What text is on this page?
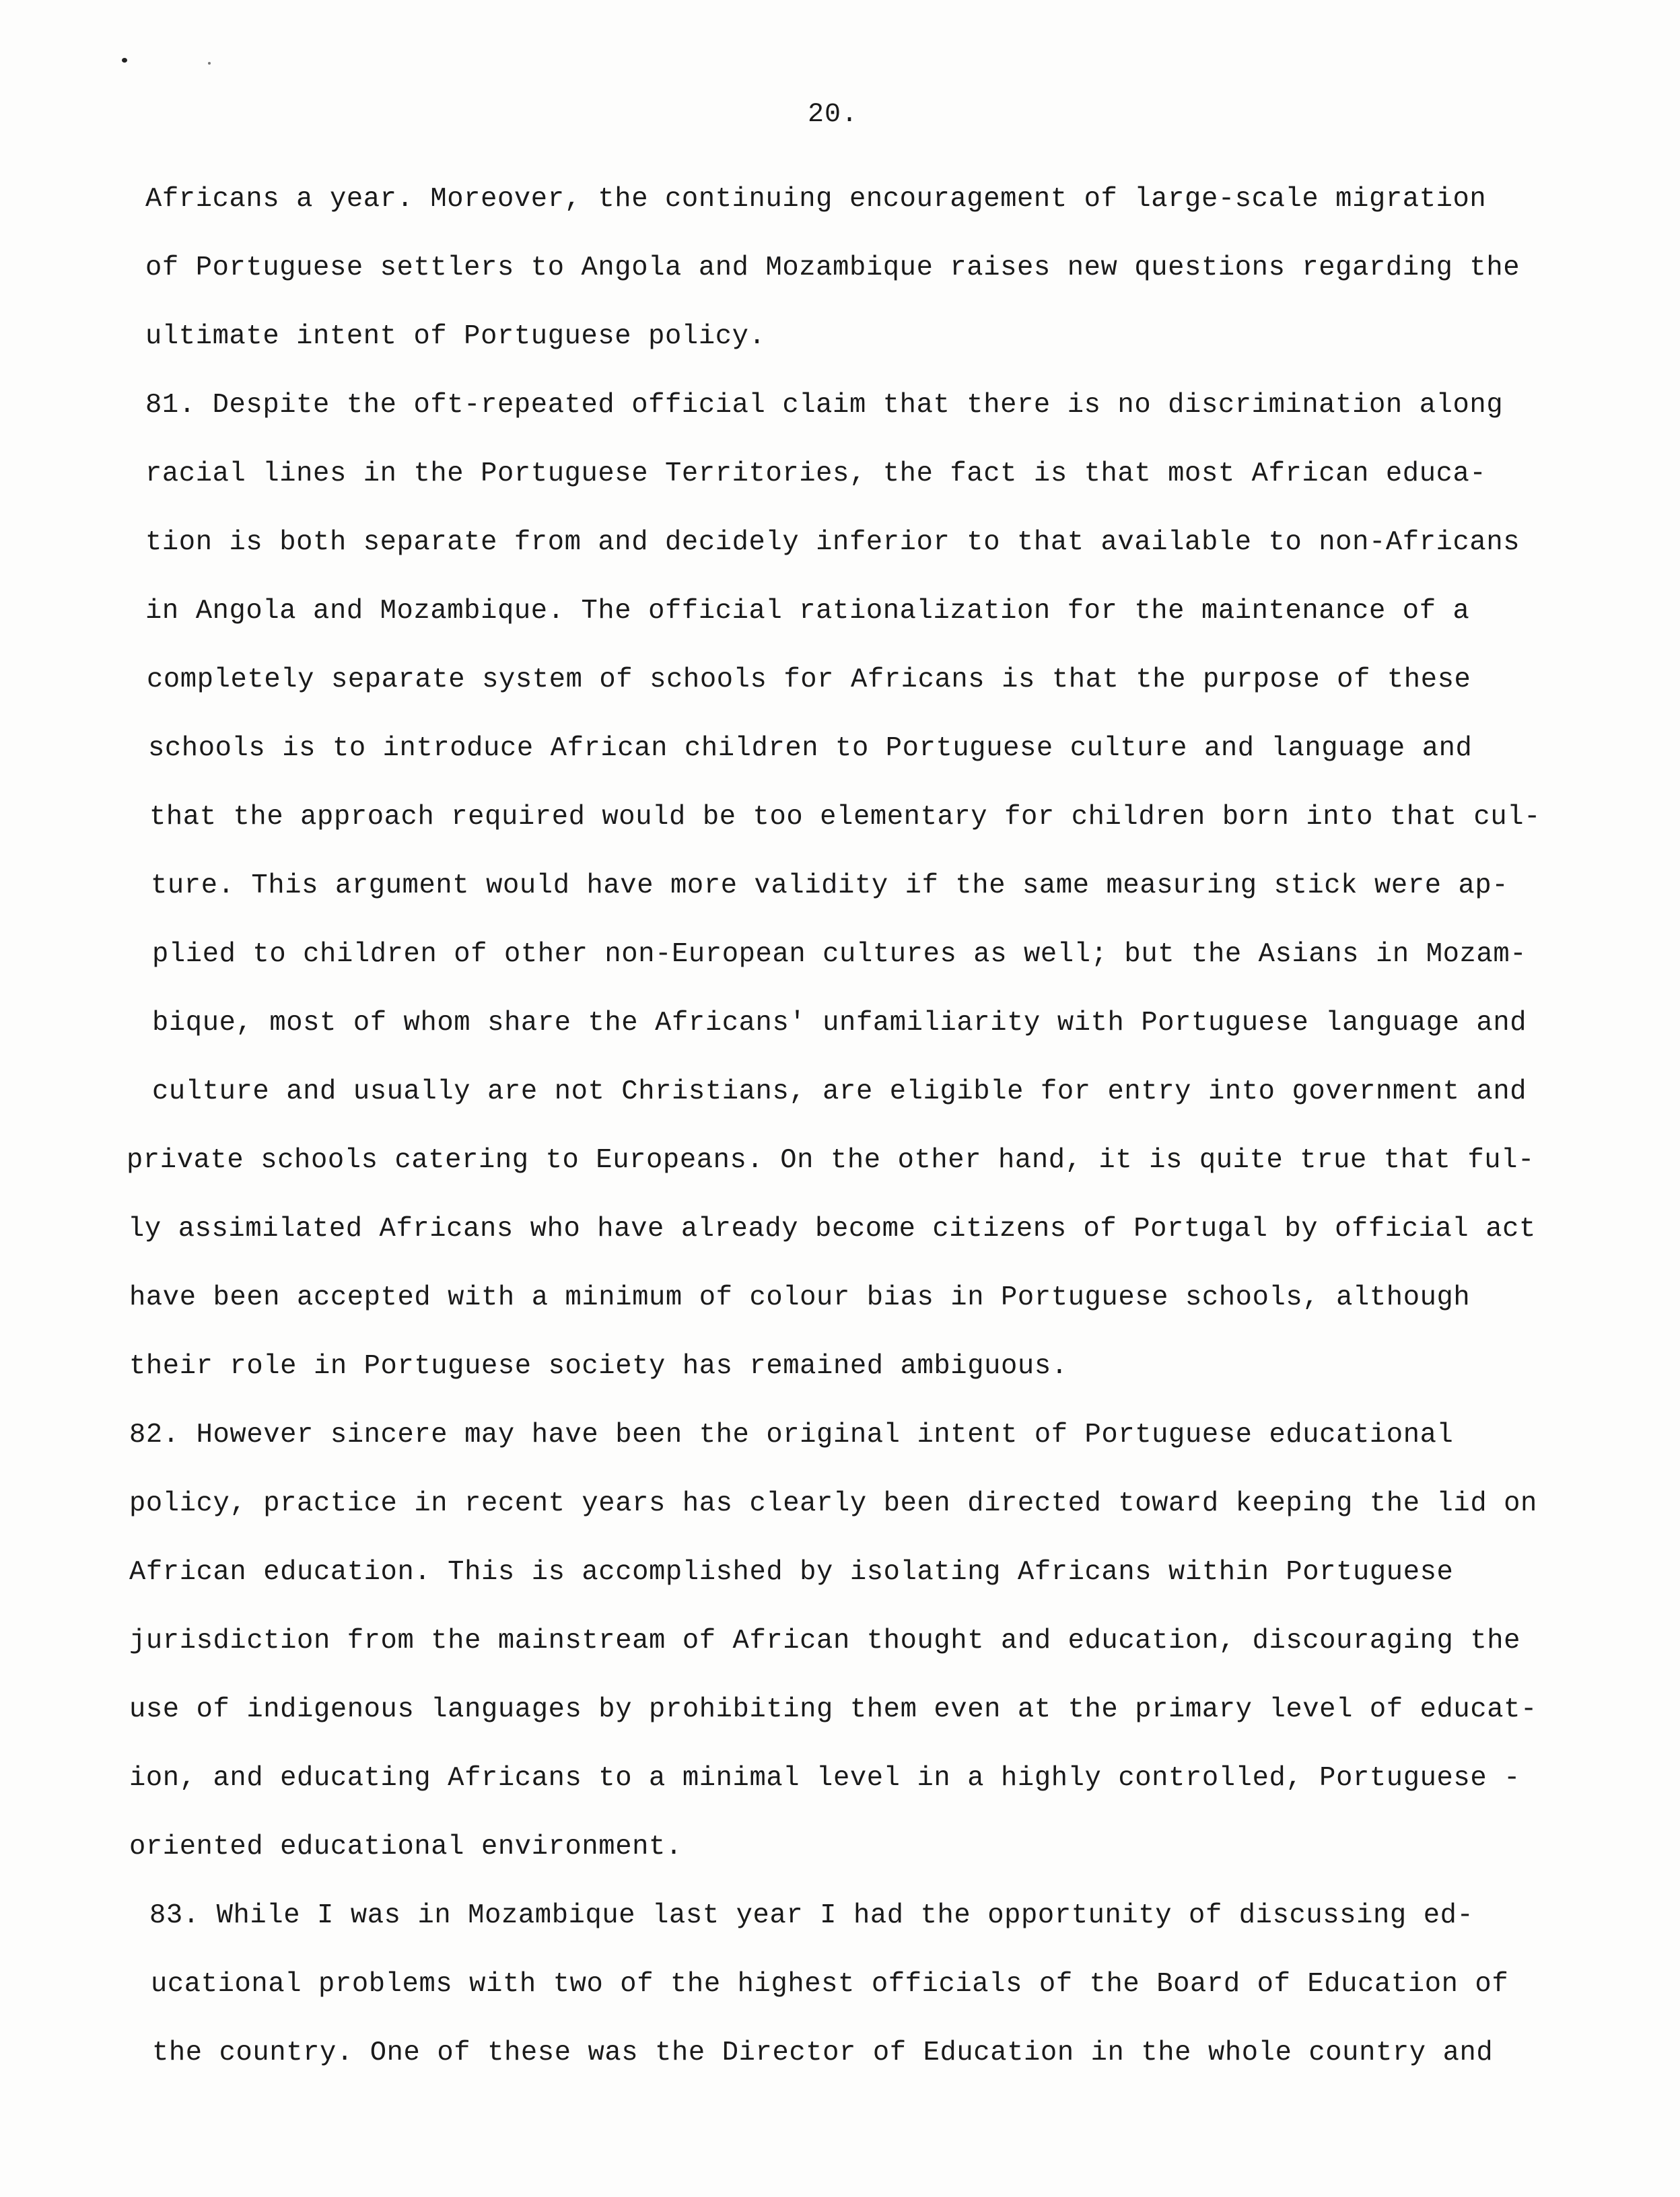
20.
Africans a year. Moreover, the continuing encouragement of large-scale migration
of Portuguese settlers to Angola and Mozambique raises new questions regarding the
ultimate intent of Portuguese policy.
81. Despite the oft-repeated official claim that there is no discrimination along
racial lines in the Portuguese Territories, the fact is that most African educa-
tion is both separate from and decidely inferior to that available to non-Africans
in Angola and Mozambique. The official rationalization for the maintenance of a
completely separate system of schools for Africans is that the purpose of these
schools is to introduce African children to Portuguese culture and language and
that the approach required would be too elementary for children born into that cul-
ture. This argument would have more validity if the same measuring stick were ap-
plied to children of other non-European cultures as well; but the Asians in Mozam-
bique, most of whom share the Africans' unfamiliarity with Portuguese language and
culture and usually are not Christians, are eligible for entry into government and
private schools catering to Europeans. On the other hand, it is quite true that ful-
ly assimilated Africans who have already become citizens of Portugal by official act
have been accepted with a minimum of colour bias in Portuguese schools, although
their role in Portuguese society has remained ambiguous.
82. However sincere may have been the original intent of Portuguese educational
policy, practice in recent years has clearly been directed toward keeping the lid on
African education. This is accomplished by isolating Africans within Portuguese
jurisdiction from the mainstream of African thought and education, discouraging the
use of indigenous languages by prohibiting them even at the primary level of educat-
ion, and educating Africans to a minimal level in a highly controlled, Portuguese -
oriented educational environment.
83. While I was in Mozambique last year I had the opportunity of discussing ed-
ucational problems with two of the highest officials of the Board of Education of
the country. One of these was the Director of Education in the whole country and
